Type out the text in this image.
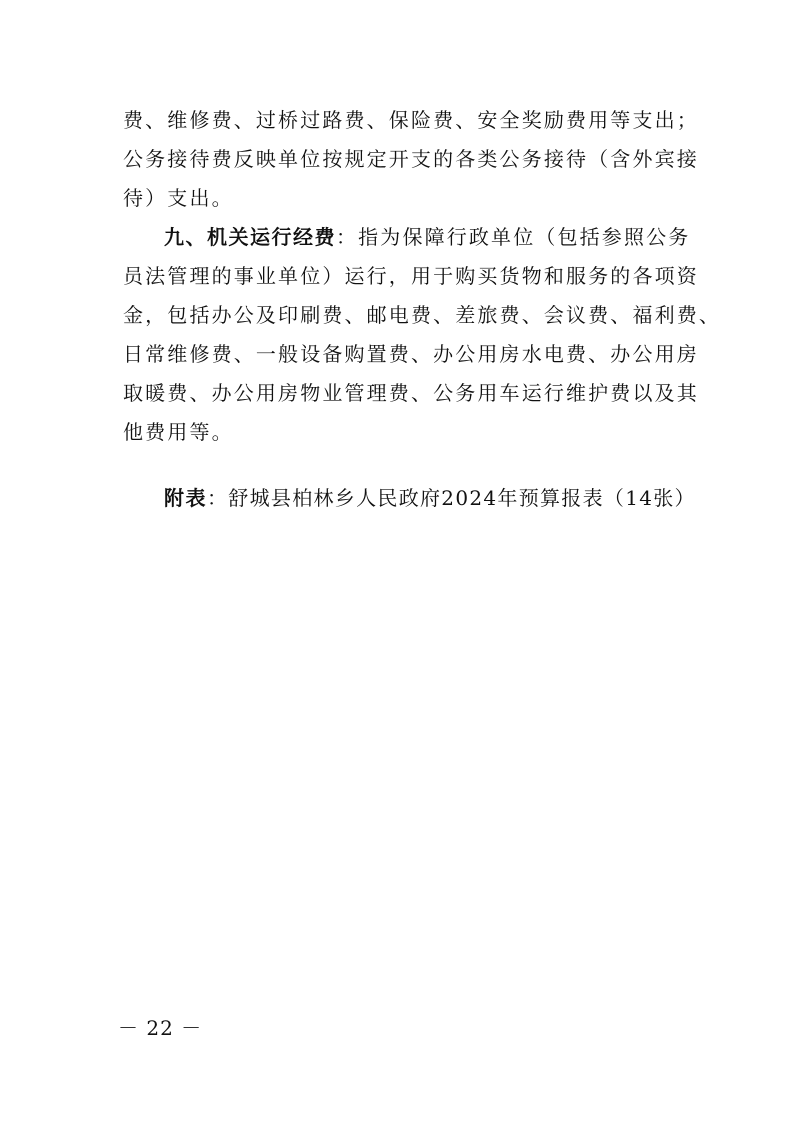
费、维修费、过桥过路费、保险费、安全奖励费用等支出；
公务接待费反映单位按规定开支的各类公务接待（含外宾接
待）支出。
九、机关运行经费：指为保障行政单位（包括参照公务
员法管理的事业单位）运行，用于购买货物和服务的各项资
金，包括办公及印刷费、邮电费、差旅费、会议费、福利费、
日常维修费、一般设备购置费、办公用房水电费、办公用房
取暖费、办公用房物业管理费、公务用车运行维护费以及其
他费用等。
附表：舒城县柏林乡人民政府2024年预算报表（14张）
－ 22 －
